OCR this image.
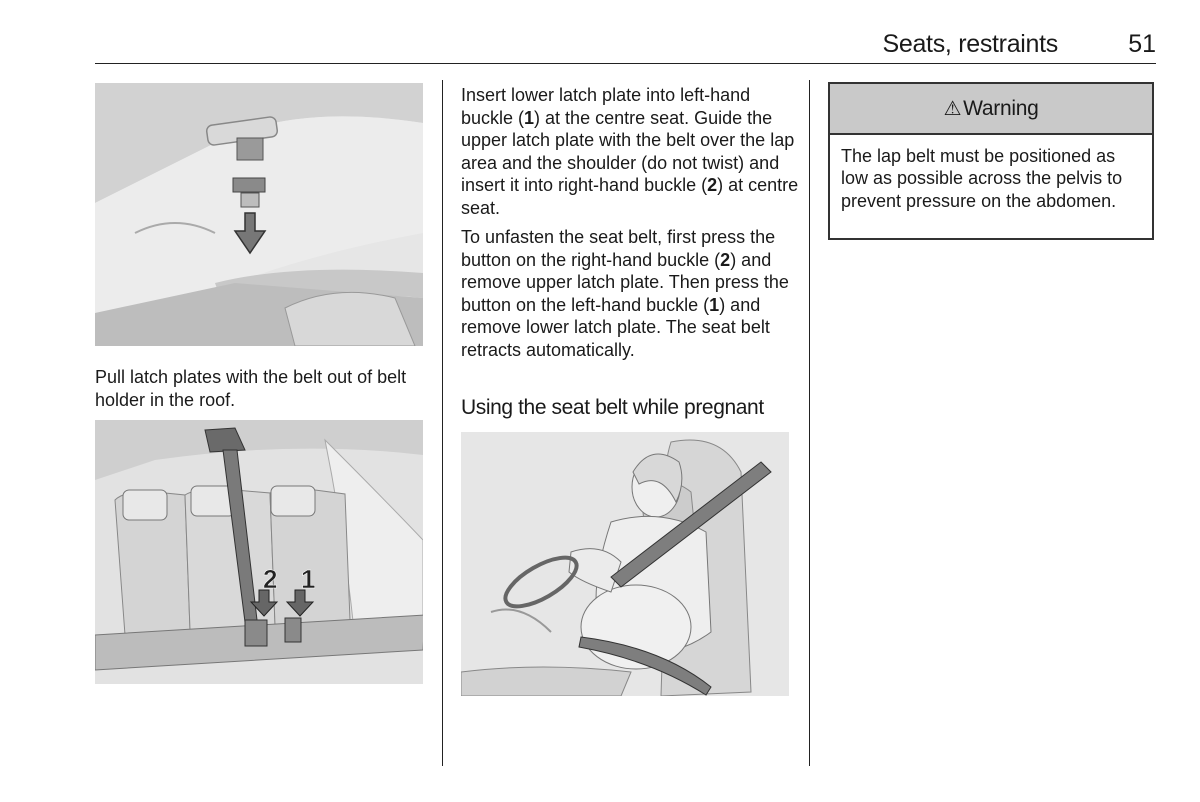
Seats, restraints	51

Pull latch plates with the belt out of belt holder in the roof.

2 1

Insert lower latch plate into left-hand buckle (1) at the centre seat. Guide the upper latch plate with the belt over the lap area and the shoulder (do not twist) and insert it into right-hand buckle (2) at centre seat.

To unfasten the seat belt, first press the button on the right-hand buckle (2) and remove upper latch plate. Then press the button on the left-hand buckle (1) and remove lower latch plate. The seat belt retracts automatically.

Using the seat belt while pregnant
⚠ Warning

The lap belt must be positioned as low as possible across the pelvis to prevent pressure on the abdomen.
